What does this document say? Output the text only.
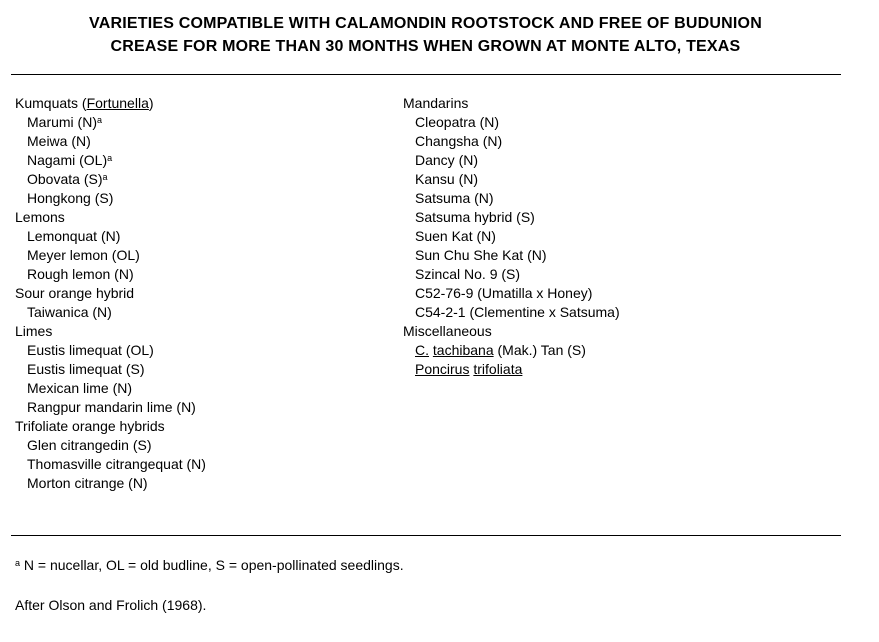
VARIETIES COMPATIBLE WITH CALAMONDIN ROOTSTOCK AND FREE OF BUDUNION
CREASE FOR MORE THAN 30 MONTHS WHEN GROWN AT MONTE ALTO, TEXAS
Kumquats (Fortunella)
Marumi $(N)^a$
Meiwa (N)
Nagami (OL)$^a$
Obovata $(S)^a$
Hongkong (S)
Lemons
Lemonquat (N)
Meyer lemon (OL)
Rough lemon (N)
Sour orange hybrid
Taiwanica (N)
Limes
Eustis limequat (OL)
Eustis limequat (S)
Mexican lime (N)
Rangpur mandarin lime (N)
Trifoliate orange hybrids
Glen citrangedin (S)
Thomasville citrangequat (N)
Morton citrange (N)
Mandarins
Cleopatra (N)
Changsha (N)
Dancy (N)
Kansu (N)
Satsuma (N)
Satsuma hybrid (S)
Suen Kat (N)
Sun Chu She Kat (N)
Szincal No. 9 (S)
C52-76-9 (Umatilla x Honey)
C54-2-1 (Clementine x Satsuma)
Miscellaneous
C. tachibana (Mak.) Tan (S)
Poncirus trifoliata
$^a$ N = nucellar, OL = old budline, S = open-pollinated seedlings.
After Olson and Frolich (1968).
